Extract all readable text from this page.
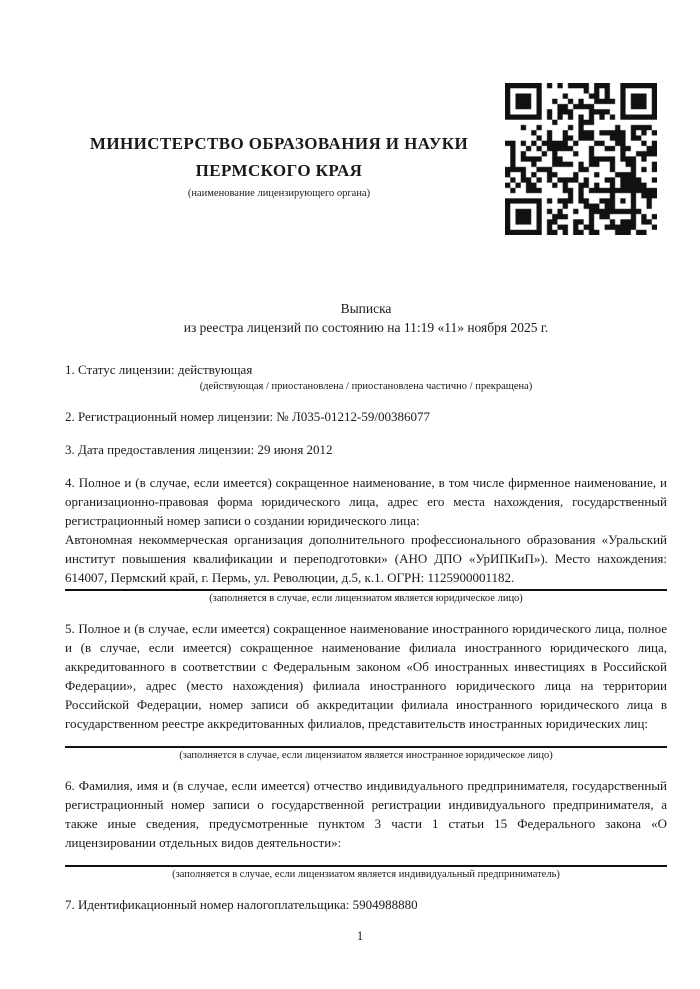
МИНИСТЕРСТВО ОБРАЗОВАНИЯ И НАУКИ
ПЕРМСКОГО КРАЯ

(наименование лицензирующего органа)

Выписка

из реестра лицензий по состоянию на 11:19 «11» ноября 2025 г.

1. Статус лицензии: действующая

(действующая / приостановлена / приостановлена частично / прекращена)

2. Регистрационный номер лицензии: № Л035-01212-59/00386077

3. Дата предоставления лицензии: 29 июня 2012

4. Полное и (в случае, если имеется) сокращенное наименование, в том числе фирменное наименование, и организационно-правовая форма юридического лица, адрес его места нахождения, государственный регистрационный номер записи о создании юридического лица:

Автономная некоммерческая организация дополнительного профессионального образования «Уральский институт повышения квалификации и переподготовки» (АНО ДПО «УрИПКиП»). Место нахождения: 614007, Пермский край, г. Пермь, ул. Революции, д.5, к.1. ОГРН: 1125900001182.

(заполняется в случае, если лицензиатом является юридическое лицо)

5. Полное и (в случае, если имеется) сокращенное наименование иностранного юридического лица, полное и (в случае, если имеется) сокращенное наименование филиала иностранного юридического лица, аккредитованного в соответствии с Федеральным законом «Об иностранных инвестициях в Российской Федерации», адрес (место нахождения) филиала иностранного юридического лица на территории Российской Федерации, номер записи об аккредитации филиала иностранного юридического лица в государственном реестре аккредитованных филиалов, представительств иностранных юридических лиц:

(заполняется в случае, если лицензиатом является иностранное юридическое лицо)

6. Фамилия, имя и (в случае, если имеется) отчество индивидуального предпринимателя, государственный регистрационный номер записи о государственной регистрации индивидуального предпринимателя, а также иные сведения, предусмотренные пунктом 3 части 1 статьи 15 Федерального закона «О лицензировании отдельных видов деятельности»:

(заполняется в случае, если лицензиатом является индивидуальный предприниматель)

7. Идентификационный номер налогоплательщика: 5904988880

1
